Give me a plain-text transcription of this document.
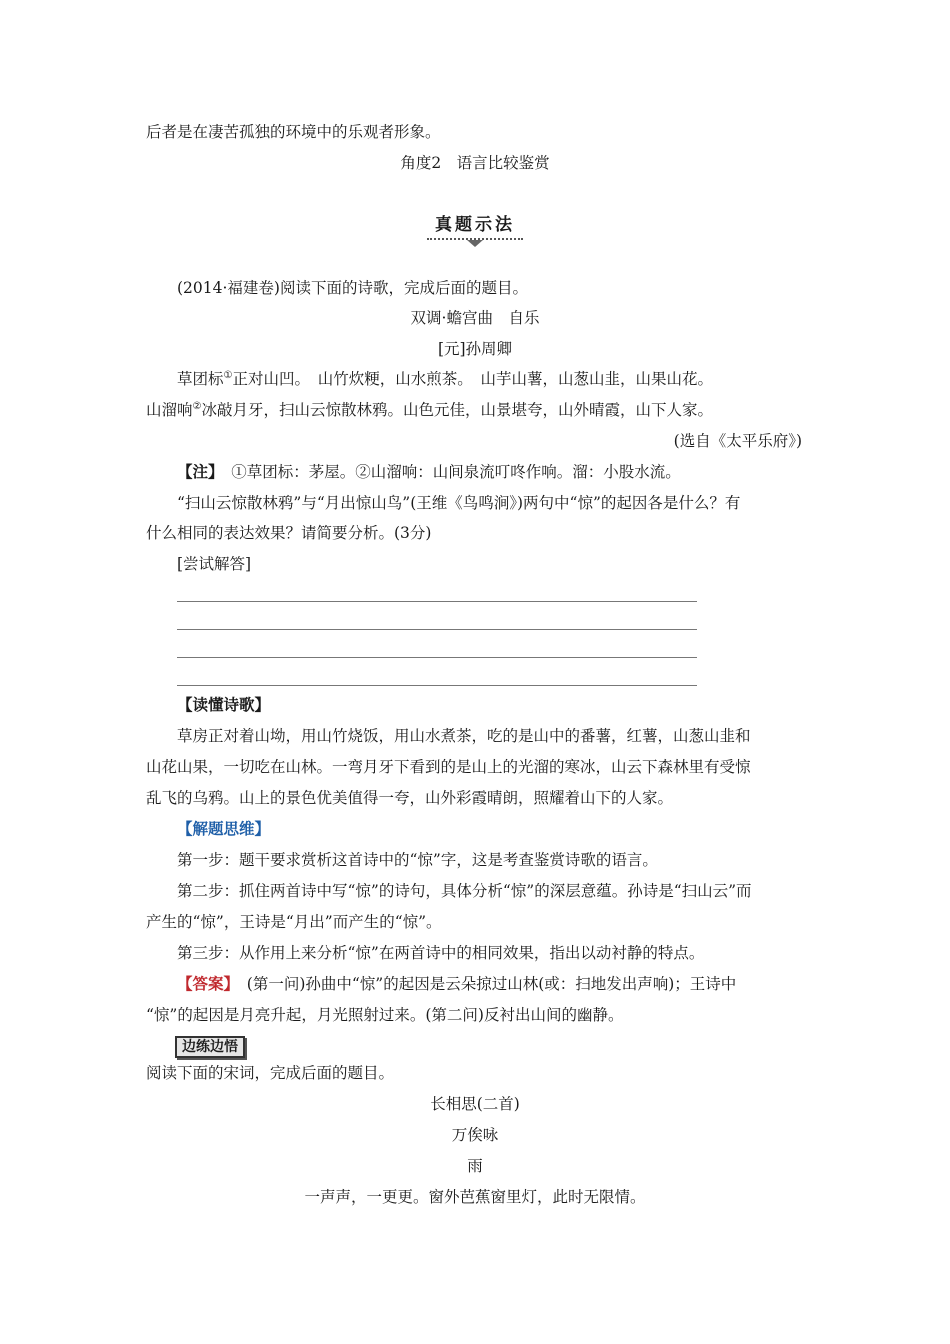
后者是在凄苦孤独的环境中的乐观者形象。
角度2　语言比较鉴赏
真题示法
(2014·福建卷)阅读下面的诗歌，完成后面的题目。
双调·蟾宫曲　自乐
[元]孙周卿
草团标①正对山凹。　山竹炊粳，山水煎茶。　山芋山薯，山葱山韭，山果山花。
山溜响②冰敲月牙，扫山云惊散林鸦。山色元佳，山景堪夸，山外晴霞，山下人家。
(选自《太平乐府》)
【注】　①草团标：茅屋。②山溜响：山间泉流叮咚作响。溜：小股水流。
“扫山云惊散林鸦”与“月出惊山鸟”(王维《鸟鸣涧》)两句中“惊”的起因各是什么？有
什么相同的表达效果？请简要分析。(3分)
[尝试解答]
【读懂诗歌】
草房正对着山坳，用山竹烧饭，用山水煮茶，吃的是山中的番薯，红薯，山葱山韭和
山花山果，一切吃在山林。一弯月牙下看到的是山上的光溜的寒冰，山云下森林里有受惊
乱飞的乌鸦。山上的景色优美值得一夸，山外彩霞晴朗，照耀着山下的人家。
【解题思维】
第一步：题干要求赏析这首诗中的“惊”字，这是考查鉴赏诗歌的语言。
第二步：抓住两首诗中写“惊”的诗句，具体分析“惊”的深层意蕴。孙诗是“扫山云”而
产生的“惊”，王诗是“月出”而产生的“惊”。
第三步：从作用上来分析“惊”在两首诗中的相同效果，指出以动衬静的特点。
【答案】　(第一问)孙曲中“惊”的起因是云朵掠过山林(或：扫地发出声响)；王诗中
“惊”的起因是月亮升起，月光照射过来。(第二问)反衬出山间的幽静。
边练边悟
阅读下面的宋词，完成后面的题目。
长相思(二首)
万俟咏
雨
一声声，一更更。窗外芭蕉窗里灯，此时无限情。
